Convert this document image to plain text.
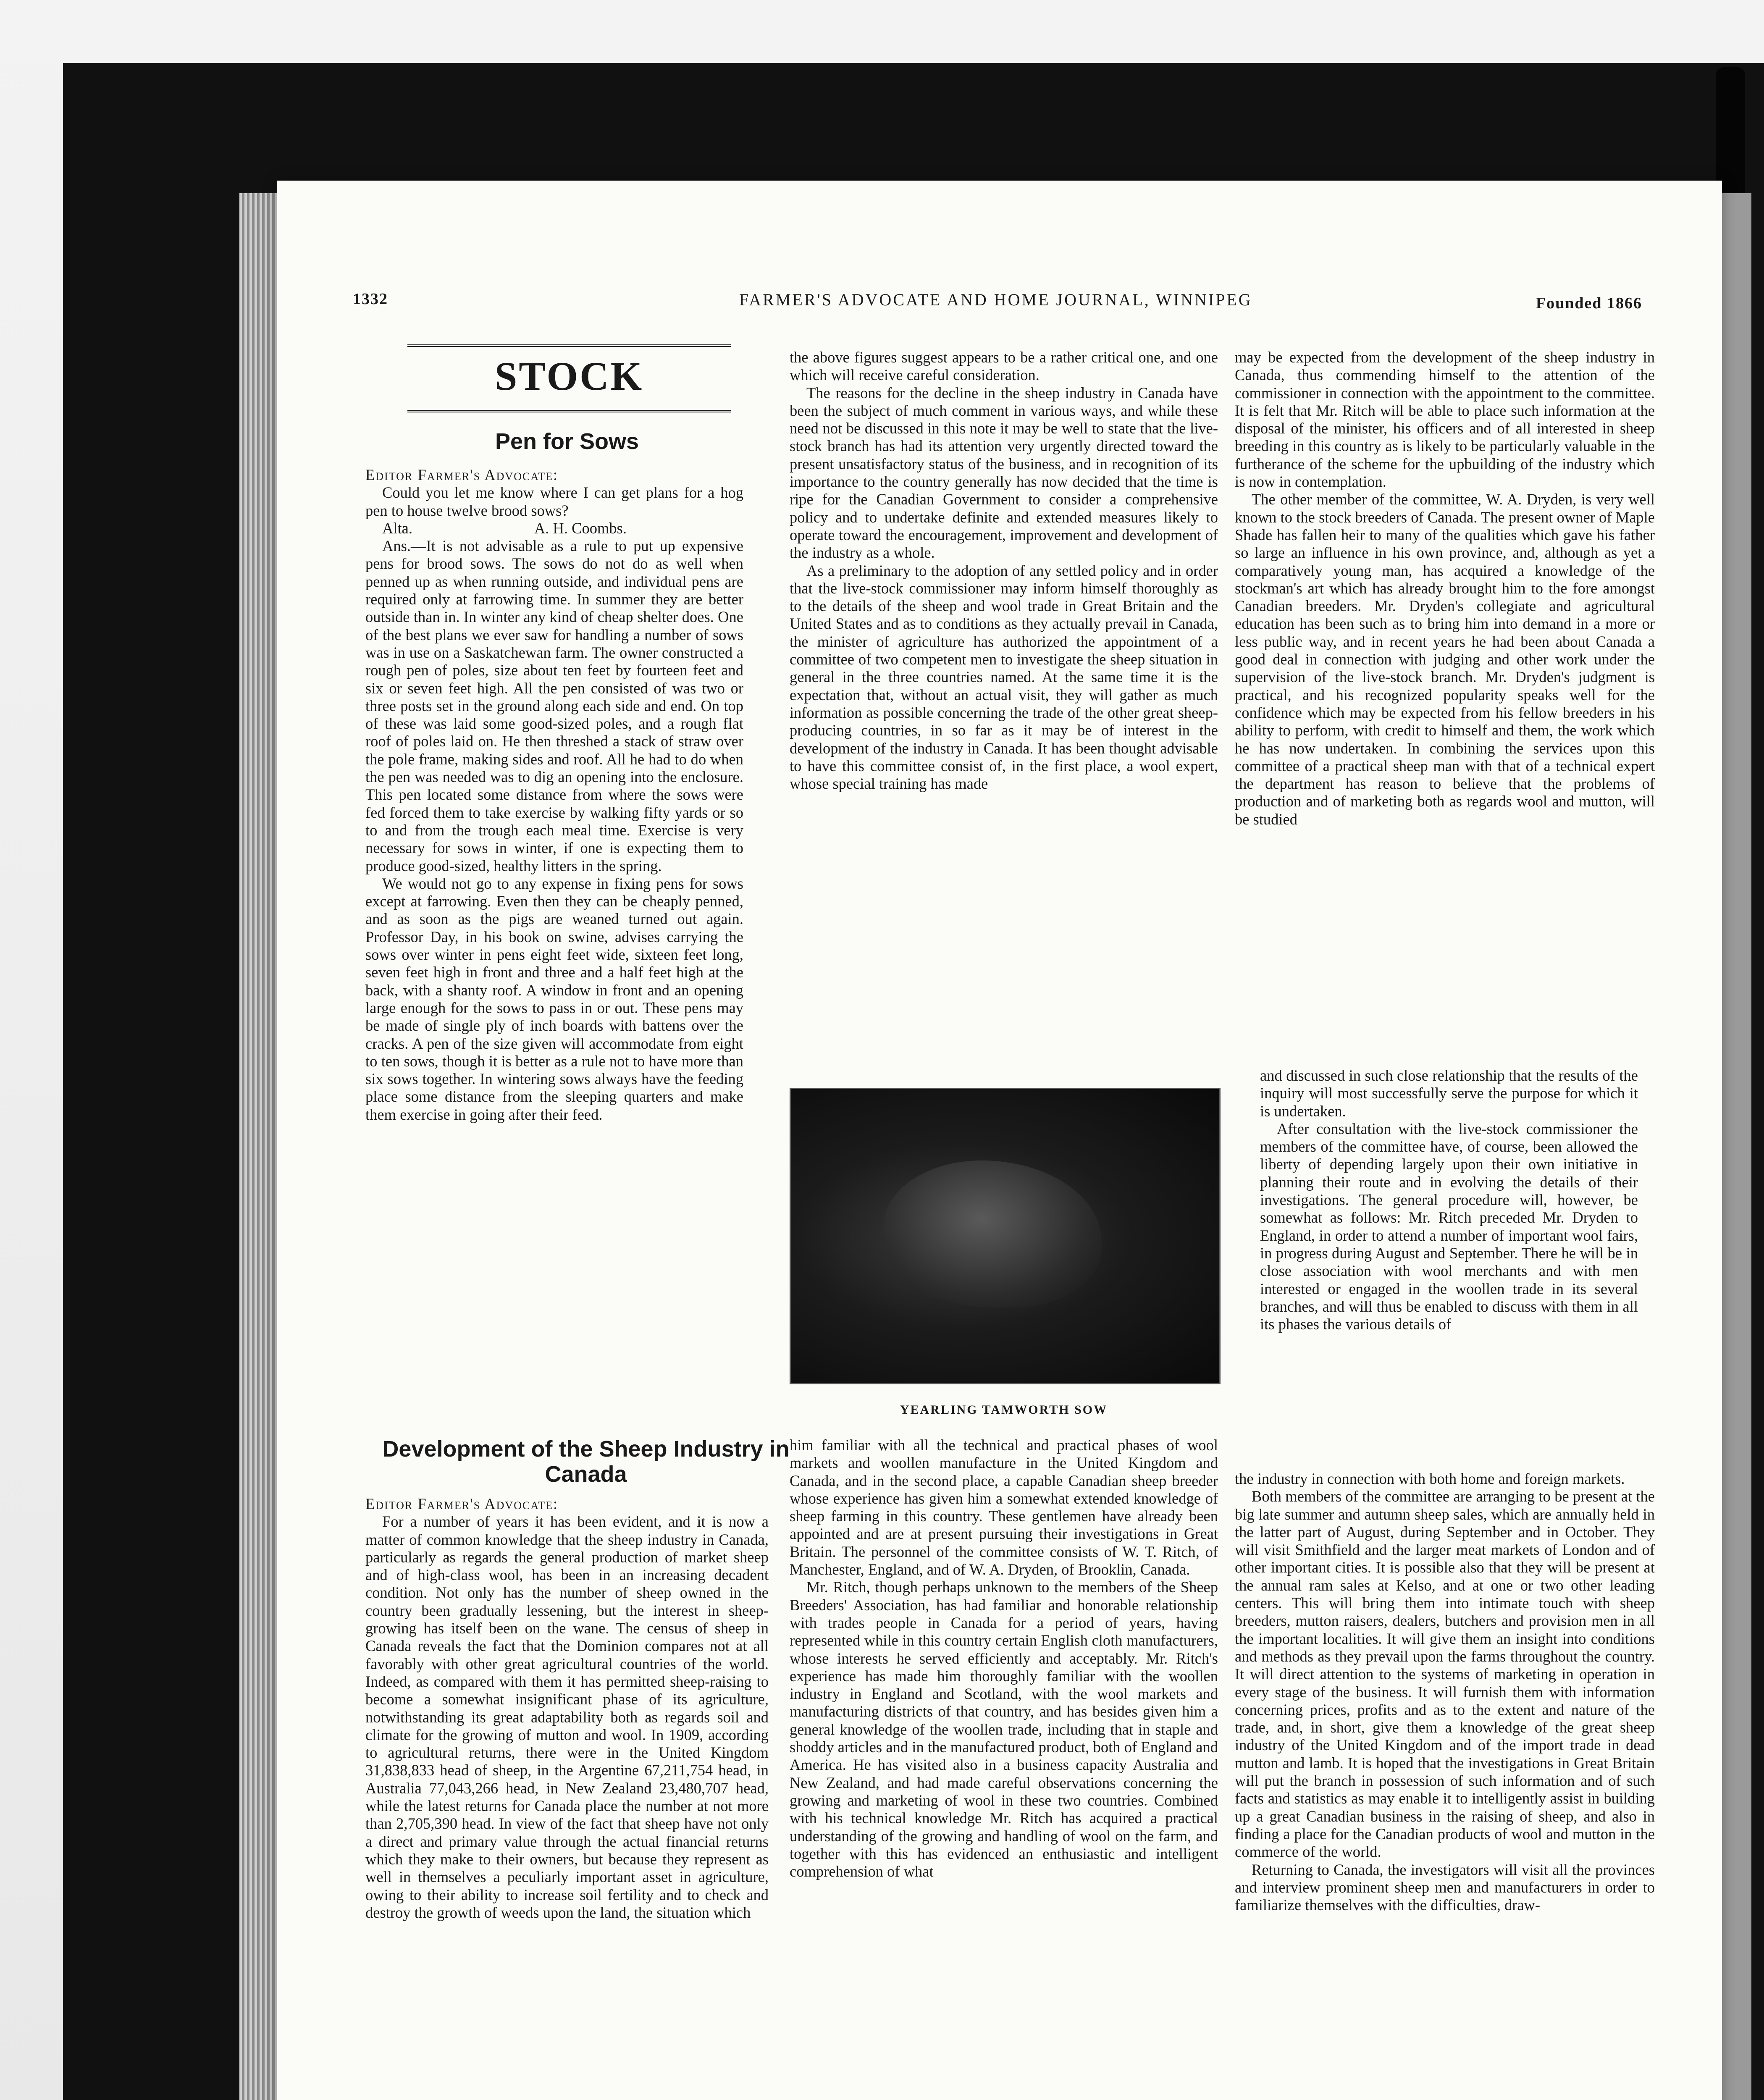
1332	FARMER'S ADVOCATE AND HOME JOURNAL, WINNIPEG	Founded 1866
STOCK
Pen for Sows

Editor Farmer's Advocate:

Could you let me know where I can get plans for a hog pen to house twelve brood sows?

Alta.                                A. H. Coombs.

Ans.—It is not advisable as a rule to put up expensive pens for brood sows. The sows do not do as well when penned up as when running outside, and individual pens are required only at farrowing time. In summer they are better outside than in. In winter any kind of cheap shelter does. One of the best plans we ever saw for handling a number of sows was in use on a Saskatchewan farm. The owner constructed a rough pen of poles, size about ten feet by fourteen feet and six or seven feet high. All the pen consisted of was two or three posts set in the ground along each side and end. On top of these was laid some good-sized poles, and a rough flat roof of poles laid on. He then threshed a stack of straw over the pole frame, making sides and roof. All he had to do when the pen was needed was to dig an opening into the enclosure. This pen located some distance from where the sows were fed forced them to take exercise by walking fifty yards or so to and from the trough each meal time. Exercise is very necessary for sows in winter, if one is expecting them to produce good-sized, healthy litters in the spring.

We would not go to any expense in fixing pens for sows except at farrowing. Even then they can be cheaply penned, and as soon as the pigs are weaned turned out again. Professor Day, in his book on swine, advises carrying the sows over winter in pens eight feet wide, sixteen feet long, seven feet high in front and three and a half feet high at the back, with a shanty roof. A window in front and an opening large enough for the sows to pass in or out. These pens may be made of single ply of inch boards with battens over the cracks. A pen of the size given will accommodate from eight to ten sows, though it is better as a rule not to have more than six sows together. In wintering sows always have the feeding place some distance from the sleeping quarters and make them exercise in going after their feed.

Development of the Sheep Industry in Canada

Editor Farmer's Advocate:

For a number of years it has been evident, and it is now a matter of common knowledge that the sheep industry in Canada, particularly as regards the general production of market sheep and of high-class wool, has been in an increasing decadent condition. Not only has the number of sheep owned in the country been gradually lessening, but the interest in sheep-growing has itself been on the wane. The census of sheep in Canada reveals the fact that the Dominion compares not at all favorably with other great agricultural countries of the world. Indeed, as compared with them it has permitted sheep-raising to become a somewhat insignificant phase of its agriculture, notwithstanding its great adaptability both as regards soil and climate for the growing of mutton and wool. In 1909, according to agricultural returns, there were in the United Kingdom 31,838,833 head of sheep, in the Argentine 67,211,754 head, in Australia 77,043,266 head, in New Zealand 23,480,707 head, while the latest returns for Canada place the number at not more than 2,705,390 head. In view of the fact that sheep have not only a direct and primary value through the actual financial returns which they make to their owners, but because they represent as well in themselves a peculiarly important asset in agriculture, owing to their ability to increase soil fertility and to check and destroy the growth of weeds upon the land, the situation which

the above figures suggest appears to be a rather critical one, and one which will receive careful consideration.

The reasons for the decline in the sheep industry in Canada have been the subject of much comment in various ways, and while these need not be discussed in this note it may be well to state that the live-stock branch has had its attention very urgently directed toward the present unsatisfactory status of the business, and in recognition of its importance to the country generally has now decided that the time is ripe for the Canadian Government to consider a comprehensive policy and to undertake definite and extended measures likely to operate toward the encouragement, improvement and development of the industry as a whole.

As a preliminary to the adoption of any settled policy and in order that the live-stock commissioner may inform himself thoroughly as to the details of the sheep and wool trade in Great Britain and the United States and as to conditions as they actually prevail in Canada, the minister of agriculture has authorized the appointment of a committee of two competent men to investigate the sheep situation in general in the three countries named. At the same time it is the expectation that, without an actual visit, they will gather as much information as possible concerning the trade of the other great sheep-producing countries, in so far as it may be of interest in the development of the industry in Canada. It has been thought advisable to have this committee consist of, in the first place, a wool expert, whose special training has made

YEARLING TAMWORTH SOW

him familiar with all the technical and practical phases of wool markets and woollen manufacture in the United Kingdom and Canada, and in the second place, a capable Canadian sheep breeder whose experience has given him a somewhat extended knowledge of sheep farming in this country. These gentlemen have already been appointed and are at present pursuing their investigations in Great Britain. The personnel of the committee consists of W. T. Ritch, of Manchester, England, and of W. A. Dryden, of Brooklin, Canada.

Mr. Ritch, though perhaps unknown to the members of the Sheep Breeders' Association, has had familiar and honorable relationship with trades people in Canada for a period of years, having represented while in this country certain English cloth manufacturers, whose interests he served efficiently and acceptably. Mr. Ritch's experience has made him thoroughly familiar with the woollen industry in England and Scotland, with the wool markets and manufacturing districts of that country, and has besides given him a general knowledge of the woollen trade, including that in staple and shoddy articles and in the manufactured product, both of England and America. He has visited also in a business capacity Australia and New Zealand, and had made careful observations concerning the growing and marketing of wool in these two countries. Combined with his technical knowledge Mr. Ritch has acquired a practical understanding of the growing and handling of wool on the farm, and together with this has evidenced an enthusiastic and intelligent comprehension of what

may be expected from the development of the sheep industry in Canada, thus commending himself to the attention of the commissioner in connection with the appointment to the committee. It is felt that Mr. Ritch will be able to place such information at the disposal of the minister, his officers and of all interested in sheep breeding in this country as is likely to be particularly valuable in the furtherance of the scheme for the upbuilding of the industry which is now in contemplation.

The other member of the committee, W. A. Dryden, is very well known to the stock breeders of Canada. The present owner of Maple Shade has fallen heir to many of the qualities which gave his father so large an influence in his own province, and, although as yet a comparatively young man, has acquired a knowledge of the stockman's art which has already brought him to the fore amongst Canadian breeders. Mr. Dryden's collegiate and agricultural education has been such as to bring him into demand in a more or less public way, and in recent years he had been about Canada a good deal in connection with judging and other work under the supervision of the live-stock branch. Mr. Dryden's judgment is practical, and his recognized popularity speaks well for the confidence which may be expected from his fellow breeders in his ability to perform, with credit to himself and them, the work which he has now undertaken. In combining the services upon this committee of a practical sheep man with that of a technical expert the department has reason to believe that the problems of production and of marketing both as regards wool and mutton, will be studied

and discussed in such close relationship that the results of the inquiry will most successfully serve the purpose for which it is undertaken.

After consultation with the live-stock commissioner the members of the committee have, of course, been allowed the liberty of depending largely upon their own initiative in planning their route and in evolving the details of their investigations. The general procedure will, however, be somewhat as follows: Mr. Ritch preceded Mr. Dryden to England, in order to attend a number of important wool fairs, in progress during August and September. There he will be in close association with wool merchants and with men interested or engaged in the woollen trade in its several branches, and will thus be enabled to discuss with them in all its phases the various details of

the industry in connection with both home and foreign markets.

Both members of the committee are arranging to be present at the big late summer and autumn sheep sales, which are annually held in the latter part of August, during September and in October. They will visit Smithfield and the larger meat markets of London and of other important cities. It is possible also that they will be present at the annual ram sales at Kelso, and at one or two other leading centers. This will bring them into intimate touch with sheep breeders, mutton raisers, dealers, butchers and provision men in all the important localities. It will give them an insight into conditions and methods as they prevail upon the farms throughout the country. It will direct attention to the systems of marketing in operation in every stage of the business. It will furnish them with information concerning prices, profits and as to the extent and nature of the trade, and, in short, give them a knowledge of the great sheep industry of the United Kingdom and of the import trade in dead mutton and lamb. It is hoped that the investigations in Great Britain will put the branch in possession of such information and of such facts and statistics as may enable it to intelligently assist in building up a great Canadian business in the raising of sheep, and also in finding a place for the Canadian products of wool and mutton in the commerce of the world.

Returning to Canada, the investigators will visit all the provinces and interview prominent sheep men and manufacturers in order to familiarize themselves with the difficulties, draw-
